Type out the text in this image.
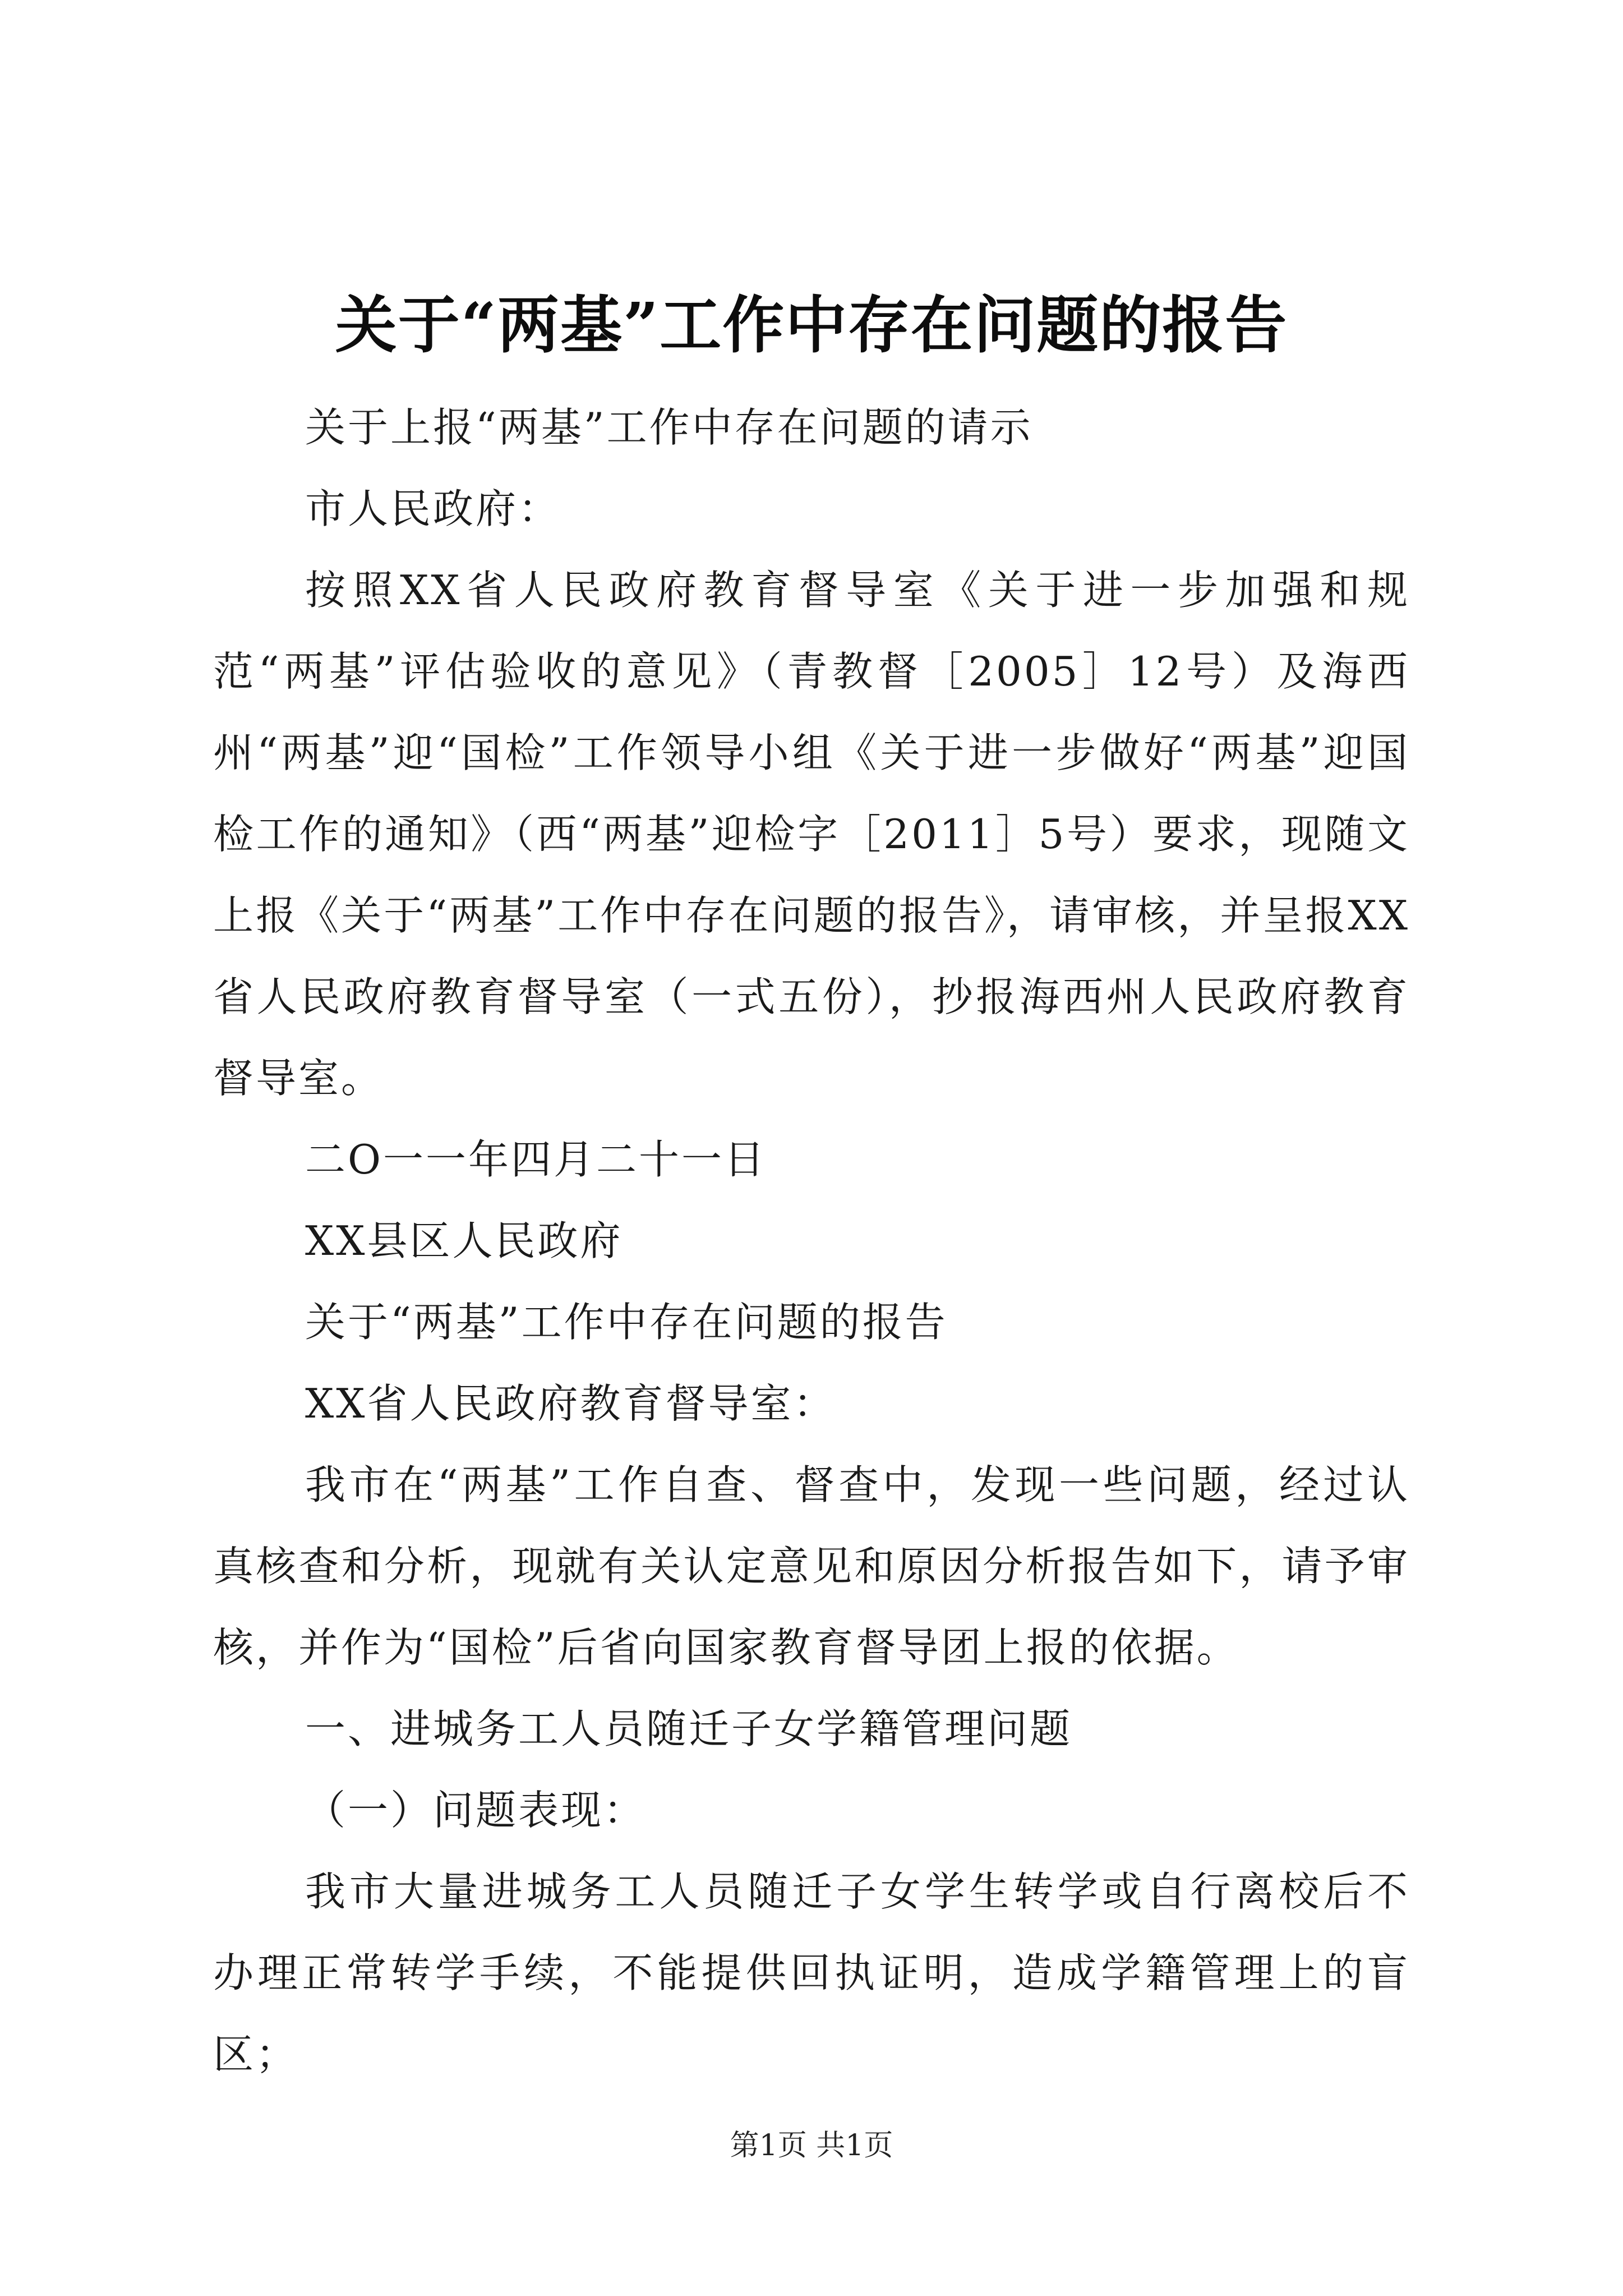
关于“两基”工作中存在问题的报告

关于上报“两基”工作中存在问题的请示

市人民政府：

按照XX省人民政府教育督导室《关于进一步加强和规范“两基”评估验收的意见》（青教督［2005］12号）及海西州“两基”迎“国检”工作领导小组《关于进一步做好“两基”迎国检工作的通知》（西“两基”迎检字［2011］5号）要求，现随文上报《关于“两基”工作中存在问题的报告》，请审核，并呈报XX省人民政府教育督导室（一式五份），抄报海西州人民政府教育督导室。

二O一一年四月二十一日

XX县区人民政府

关于“两基”工作中存在问题的报告

XX省人民政府教育督导室：

我市在“两基”工作自查、督查中，发现一些问题，经过认真核查和分析，现就有关认定意见和原因分析报告如下，请予审核，并作为“国检”后省向国家教育督导团上报的依据。

一、进城务工人员随迁子女学籍管理问题

（一）问题表现：

我市大量进城务工人员随迁子女学生转学或自行离校后不办理正常转学手续，不能提供回执证明，造成学籍管理上的盲区；

第1页 共1页
